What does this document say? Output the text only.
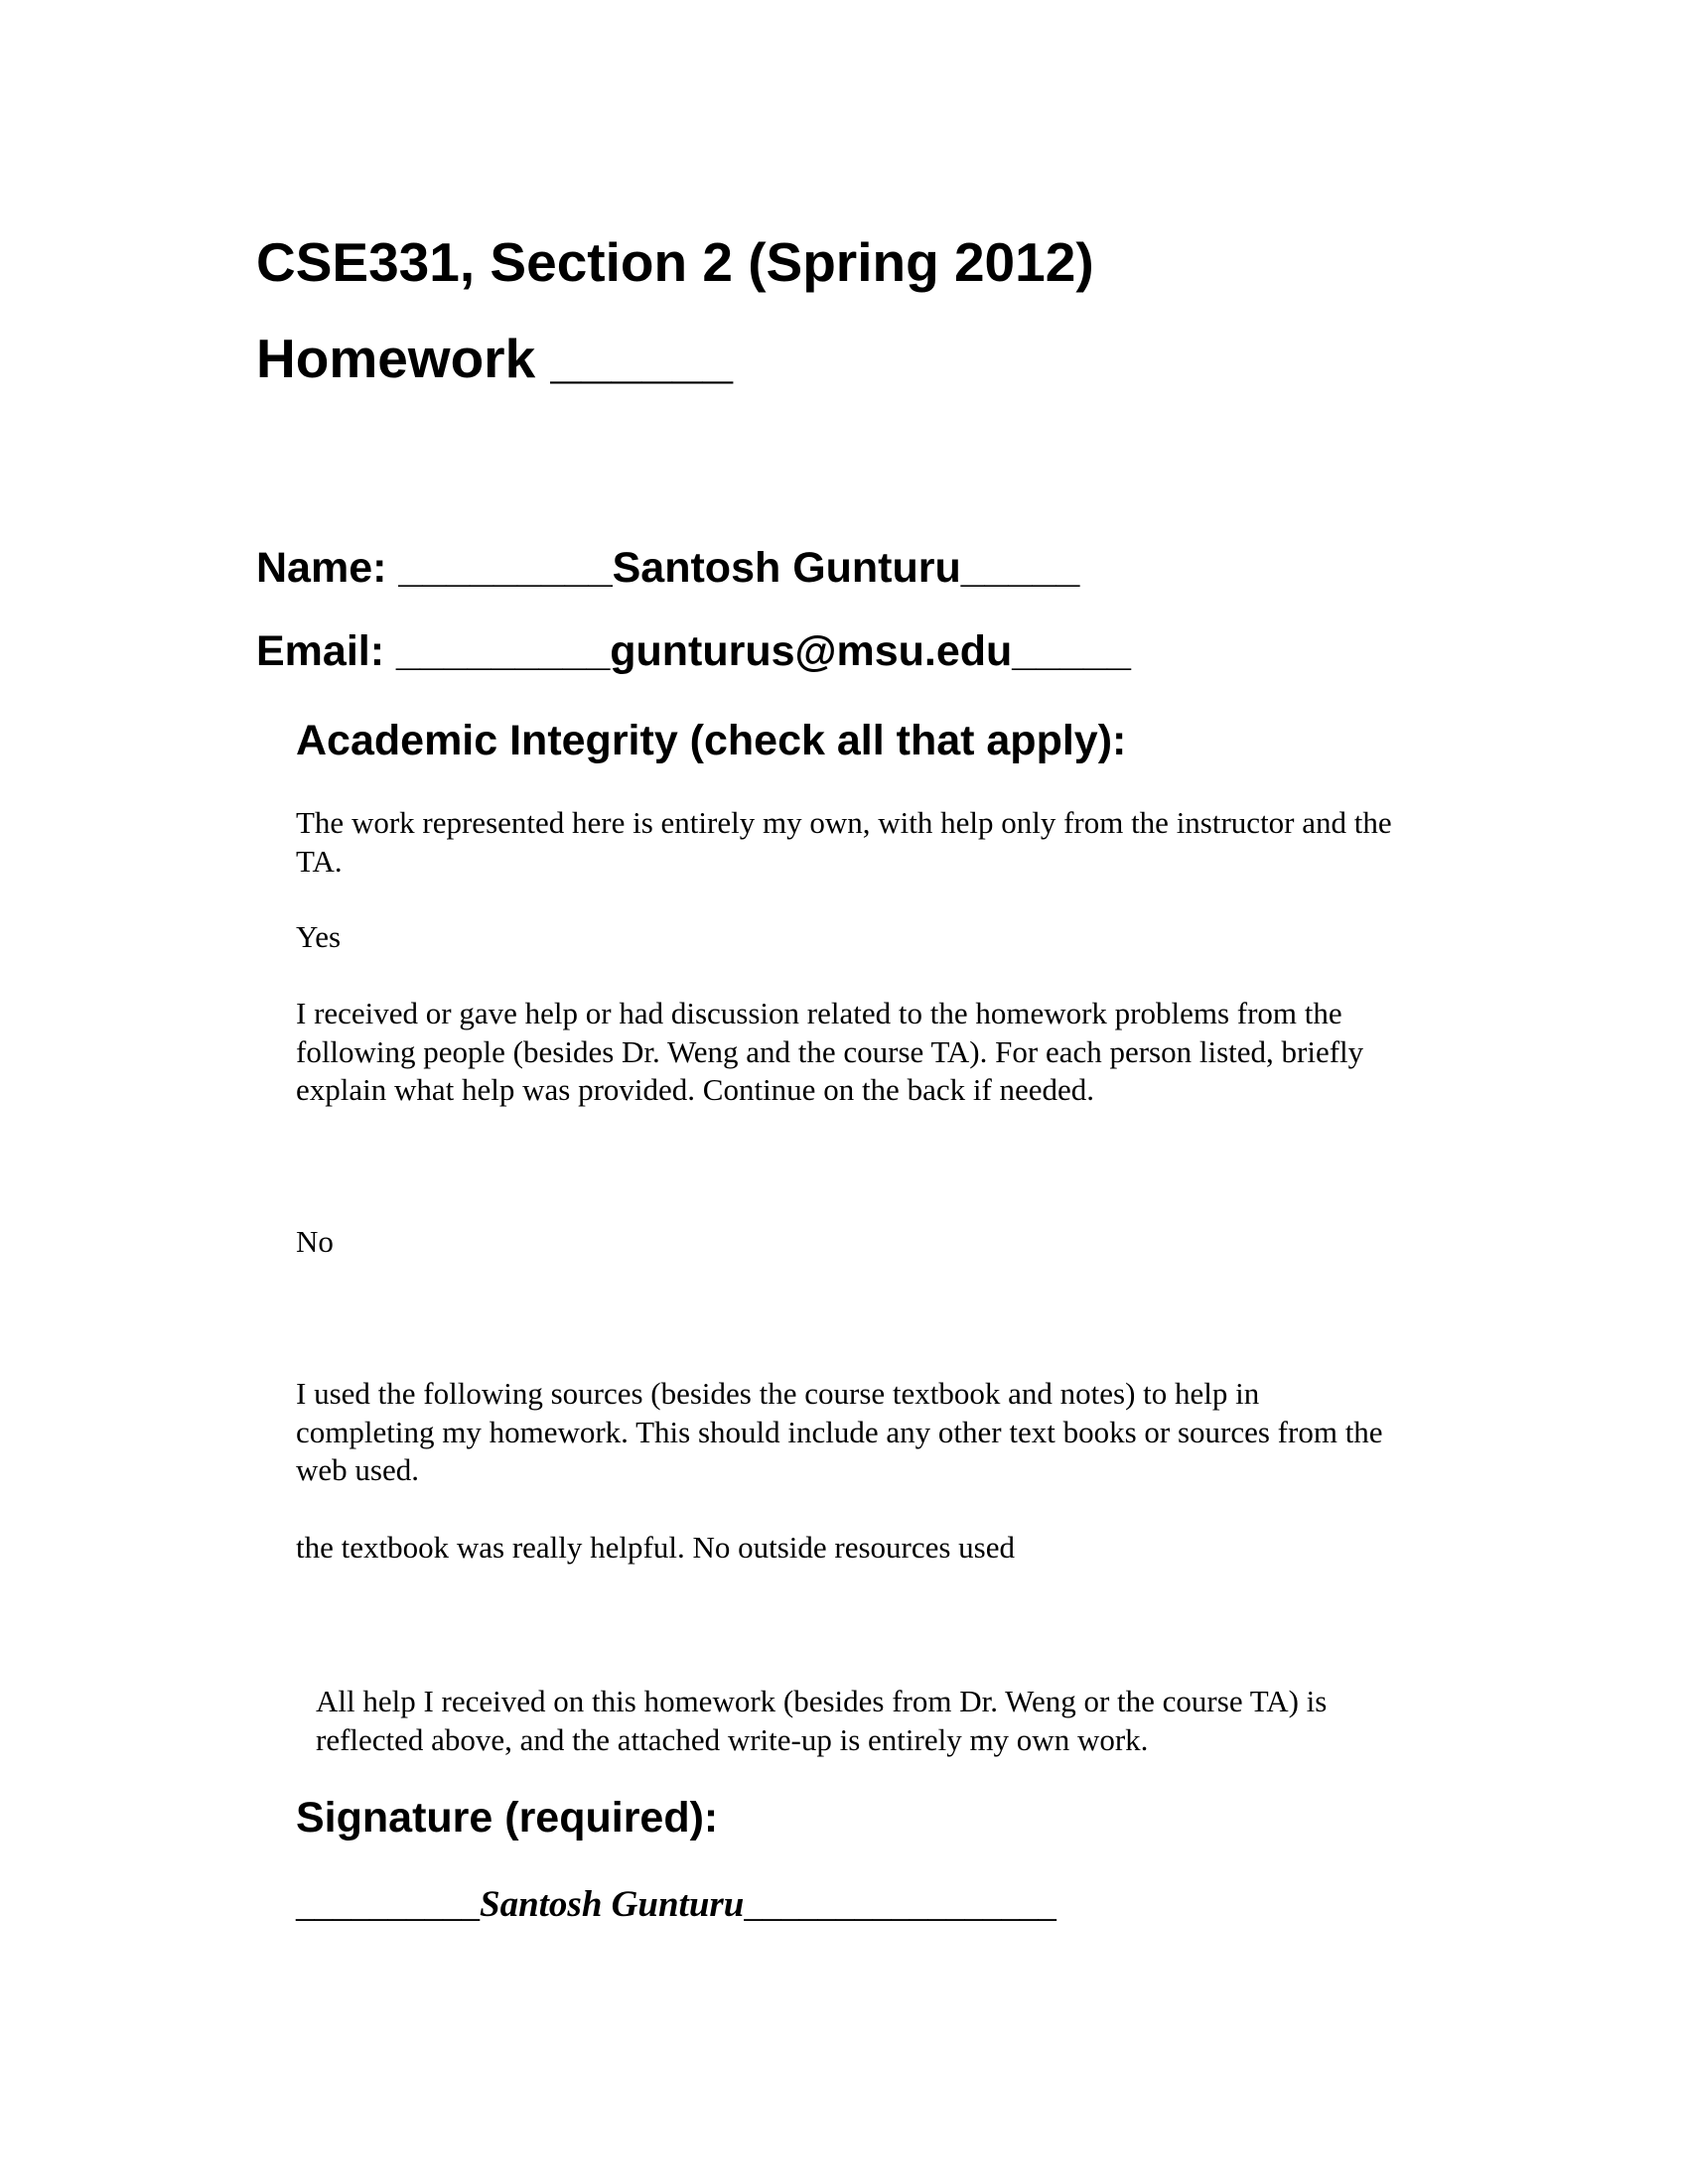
CSE331, Section 2 (Spring 2012)
Homework ______
Name: _________Santosh Gunturu_____
Email: _________gunturus@msu.edu_____
Academic Integrity (check all that apply):
The work represented here is entirely my own, with help only from the instructor and the
TA.
Yes
I received or gave help or had discussion related to the homework problems from the
following people (besides Dr. Weng and the course TA). For each person listed, briefly
explain what help was provided. Continue on the back if needed.
No
I used the following sources (besides the course textbook and notes) to help in
completing my homework. This should include any other text books or sources from the
web used.
the textbook was really helpful. No outside resources used
All help I received on this homework (besides from Dr. Weng or the course TA) is
reflected above, and the attached write-up is entirely my own work.
Signature (required):
__________Santosh Gunturu_________________
